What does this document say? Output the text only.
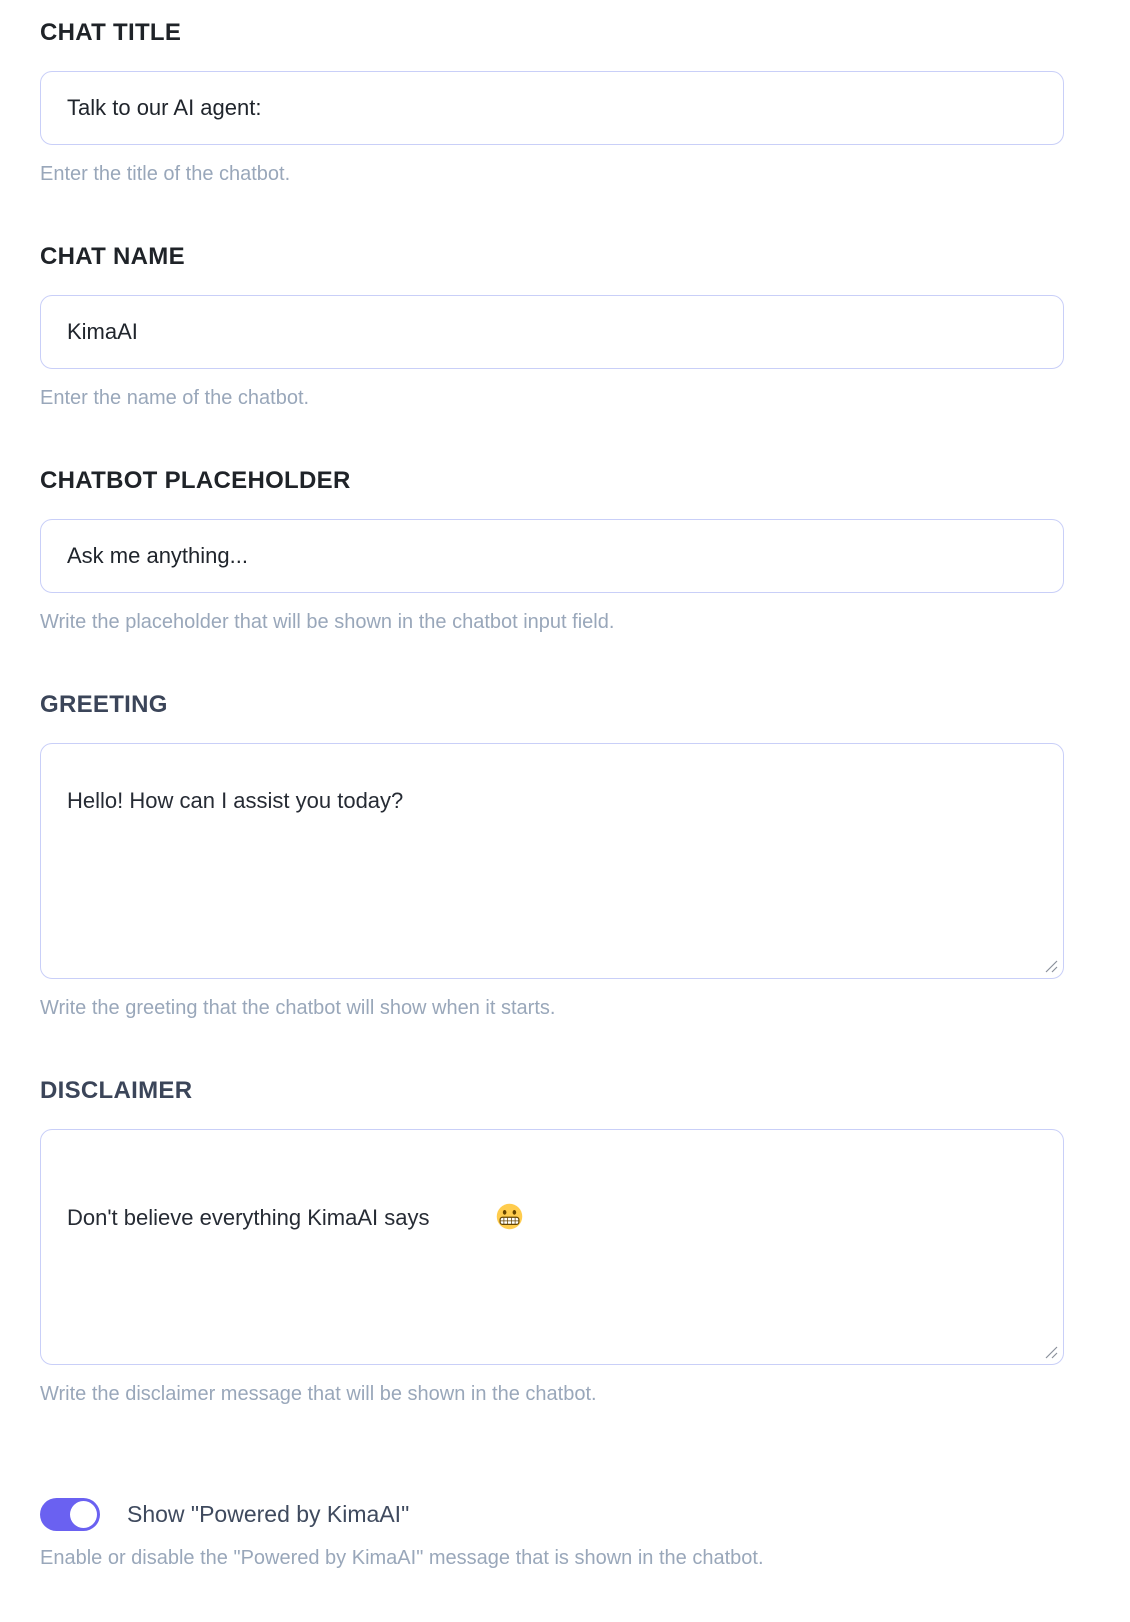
CHAT TITLE
Talk to our AI agent:

Enter the title of the chatbot.

CHAT NAME
KimaAI

Enter the name of the chatbot.

CHATBOT PLACEHOLDER
Ask me anything...

Write the placeholder that will be shown in the chatbot input field.

GREETING
Hello! How can I assist you today?

Write the greeting that the chatbot will show when it starts.

DISCLAIMER
Don't believe everything KimaAI says

Write the disclaimer message that will be shown in the chatbot.

Show "Powered by KimaAI"

Enable or disable the "Powered by KimaAI" message that is shown in the chatbot.
